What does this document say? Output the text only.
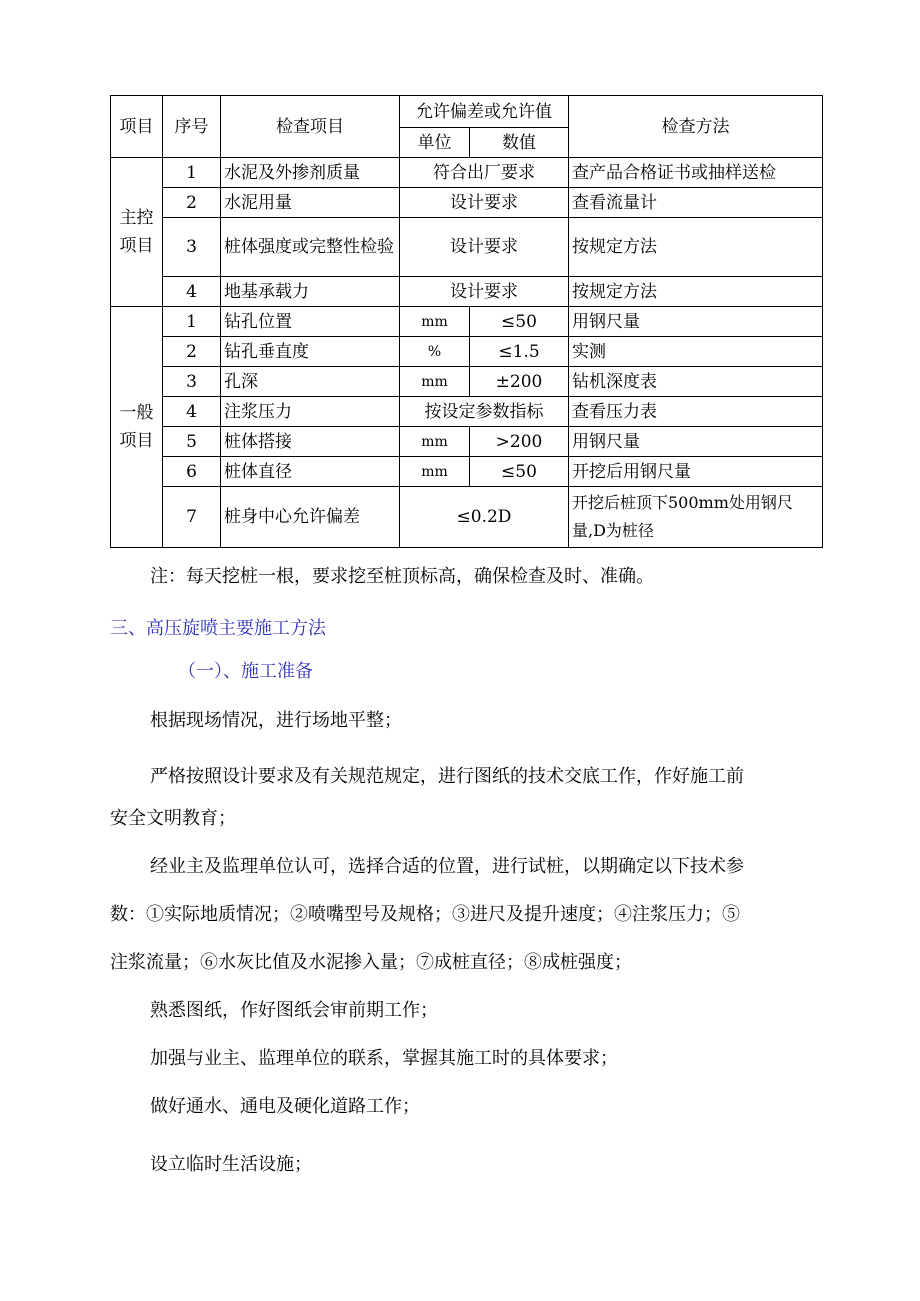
项目	序号	检查项目	允许偏差或允许值		检查方法
			单位	数值	

主控项目	1	水泥及外掺剂质量	符合出厂要求		查产品合格证书或抽样送检
	2	水泥用量	设计要求		查看流量计
	3	桩体强度或完整性检验	设计要求		按规定方法
	4	地基承载力	设计要求		按规定方法

一般项目	1	钻孔位置	mm	≤50	用钢尺量
	2	钻孔垂直度	%	≤1.5	实测
	3	孔深	mm	±200	钻机深度表
	4	注浆压力	按设定参数指标		查看压力表
	5	桩体搭接	mm	>200	用钢尺量
	6	桩体直径	mm	≤50	开挖后用钢尺量
	7	桩身中心允许偏差	≤0.2D		开挖后桩顶下500mm处用钢尺量,D为桩径
注：每天挖桩一根，要求挖至桩顶标高，确保检查及时、准确。
三、高压旋喷主要施工方法
（一）、施工准备
根据现场情况，进行场地平整；
严格按照设计要求及有关规范规定，进行图纸的技术交底工作，作好施工前
安全文明教育；
经业主及监理单位认可，选择合适的位置，进行试桩，以期确定以下技术参
数：①实际地质情况；②喷嘴型号及规格；③进尺及提升速度；④注浆压力；⑤
注浆流量；⑥水灰比值及水泥掺入量；⑦成桩直径；⑧成桩强度；
熟悉图纸，作好图纸会审前期工作；
加强与业主、监理单位的联系，掌握其施工时的具体要求；
做好通水、通电及硬化道路工作；
设立临时生活设施；
